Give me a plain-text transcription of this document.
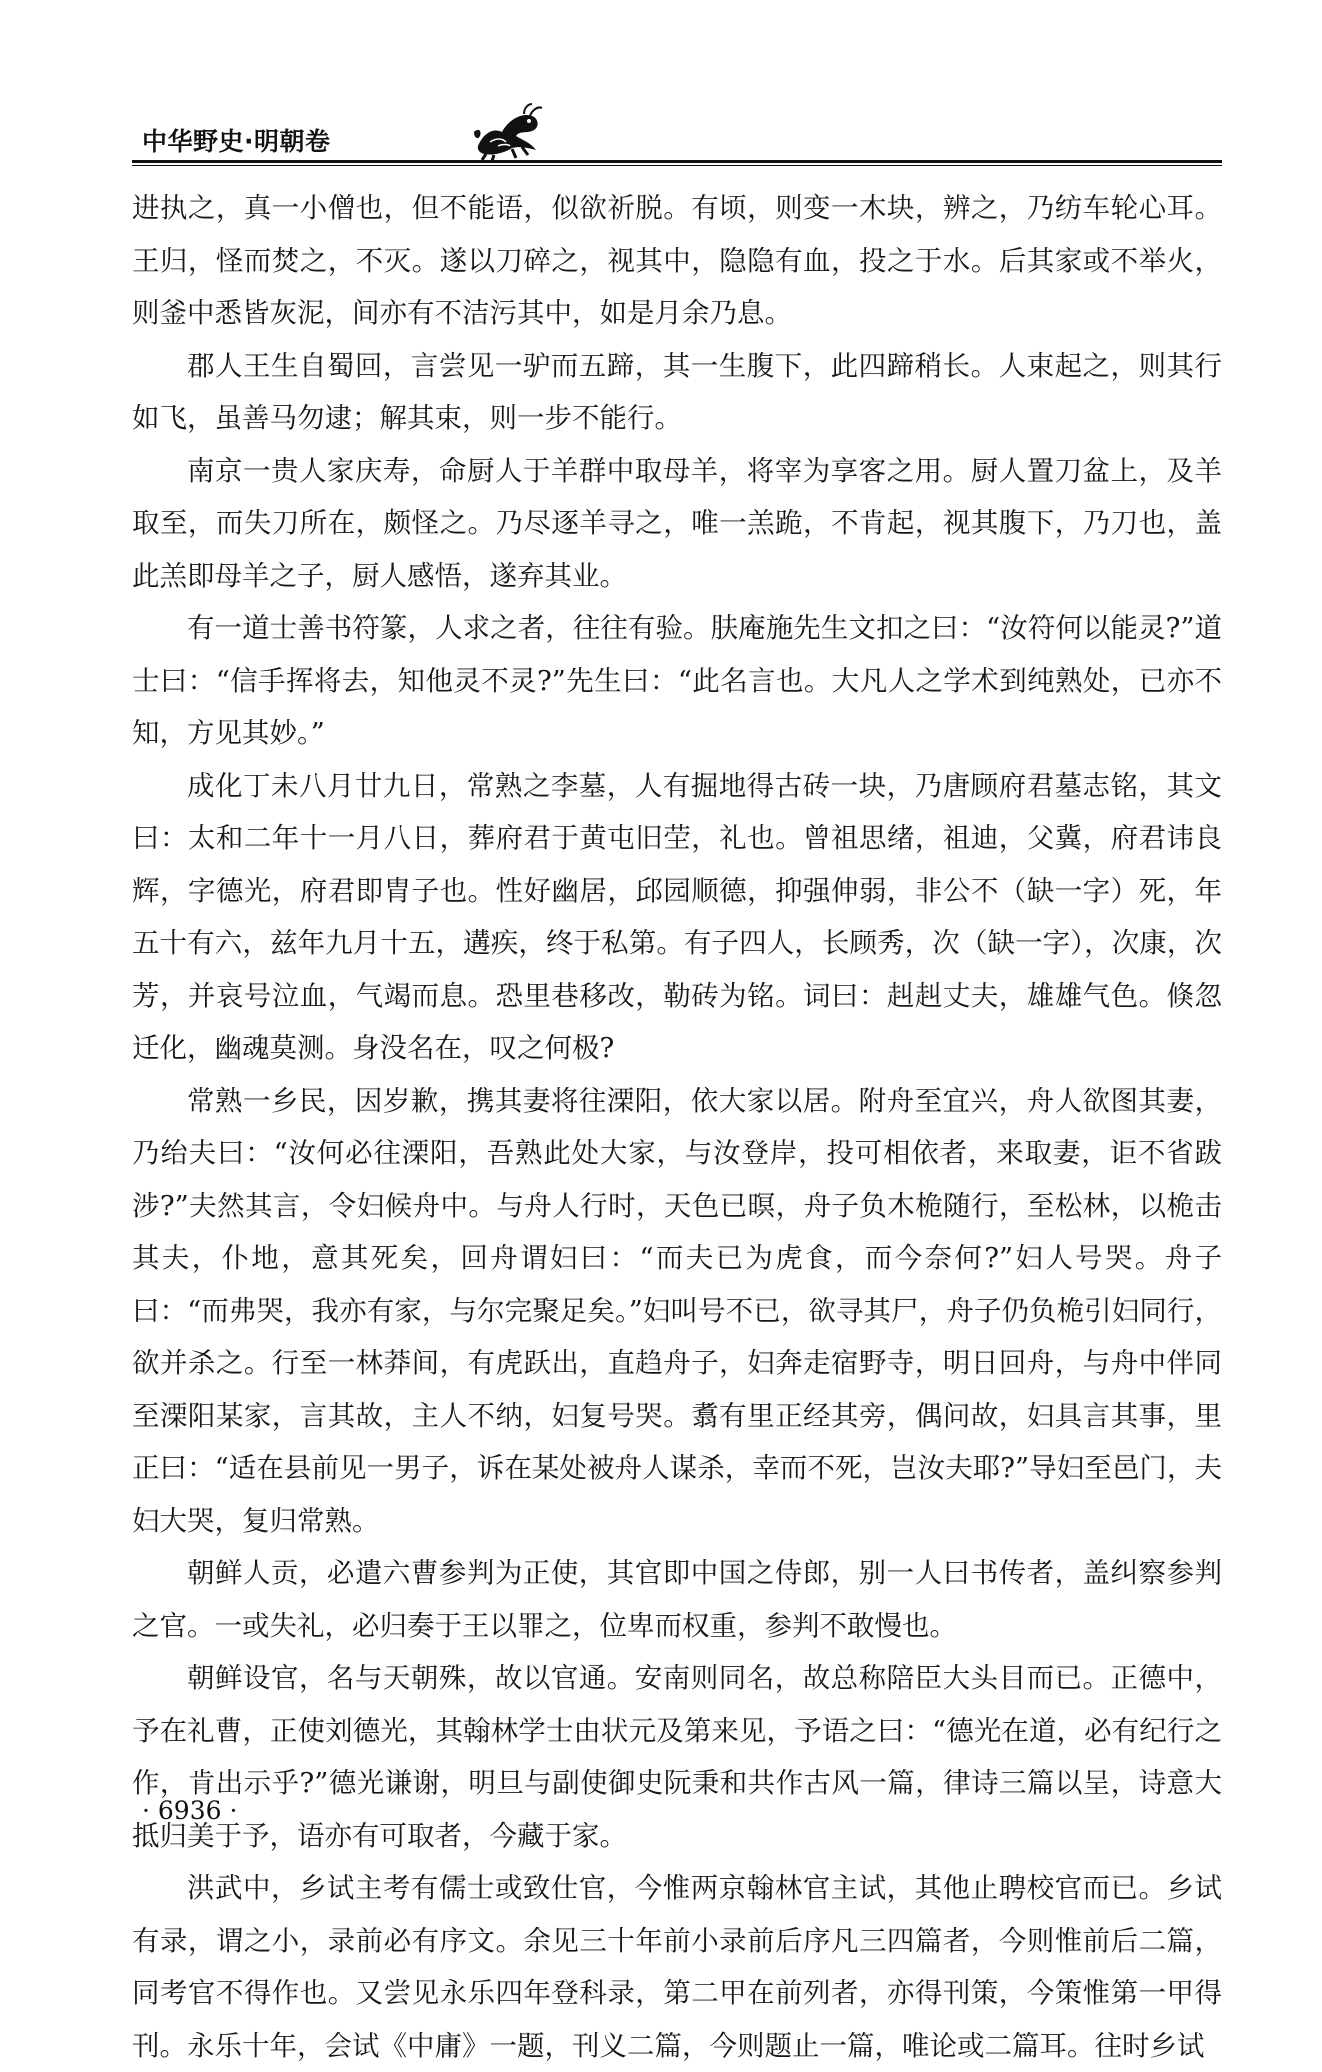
中华野史·明朝卷

进执之，真一小僧也，但不能语，似欲祈脱。有顷，则变一木块，辨之，乃纺车轮心耳。王归，怪而焚之，不灭。遂以刀碎之，视其中，隐隐有血，投之于水。后其家或不举火，则釜中悉皆灰泥，间亦有不洁污其中，如是月余乃息。

郡人王生自蜀回，言尝见一驴而五蹄，其一生腹下，此四蹄稍长。人束起之，则其行如飞，虽善马勿逮；解其束，则一步不能行。

南京一贵人家庆寿，命厨人于羊群中取母羊，将宰为享客之用。厨人置刀盆上，及羊取至，而失刀所在，颇怪之。乃尽逐羊寻之，唯一羔跪，不肯起，视其腹下，乃刀也，盖此羔即母羊之子，厨人感悟，遂弃其业。

有一道士善书符篆，人求之者，往往有验。肤庵施先生文扣之曰：“汝符何以能灵?”道士曰：“信手挥将去，知他灵不灵?”先生曰：“此名言也。大凡人之学术到纯熟处，已亦不知，方见其妙。”

成化丁未八月廿九日，常熟之李墓，人有掘地得古砖一块，乃唐顾府君墓志铭，其文曰：太和二年十一月八日，葬府君于黄屯旧茔，礼也。曾祖思绪，祖迪，父冀，府君讳良辉，字德光，府君即胄子也。性好幽居，邱园顺德，抑强伸弱，非公不（缺一字）死，年五十有六，兹年九月十五，遘疾，终于私第。有子四人，长顾秀，次（缺一字），次康，次芳，并哀号泣血，气竭而息。恐里巷移改，勒砖为铭。词曰：赳赳丈夫，雄雄气色。倏忽迁化，幽魂莫测。身没名在，叹之何极?

常熟一乡民，因岁歉，携其妻将往溧阳，依大家以居。附舟至宜兴，舟人欲图其妻，乃绐夫曰：“汝何必往溧阳，吾熟此处大家，与汝登岸，投可相依者，来取妻，讵不省跋涉?”夫然其言，令妇候舟中。与舟人行时，天色已暝，舟子负木桅随行，至松林，以桅击其夫，仆地，意其死矣，回舟谓妇曰：“而夫已为虎食，而今奈何?”妇人号哭。舟子曰：“而弗哭，我亦有家，与尔完聚足矣。”妇叫号不已，欲寻其尸，舟子仍负桅引妇同行，欲并杀之。行至一林莽间，有虎跃出，直趋舟子，妇奔走宿野寺，明日回舟，与舟中伴同至溧阳某家，言其故，主人不纳，妇复号哭。翥有里正经其旁，偶问故，妇具言其事，里正曰：“适在县前见一男子，诉在某处被舟人谋杀，幸而不死，岂汝夫耶?”导妇至邑门，夫妇大哭，复归常熟。

朝鲜人贡，必遣六曹参判为正使，其官即中国之侍郎，别一人曰书传者，盖纠察参判之官。一或失礼，必归奏于王以罪之，位卑而权重，参判不敢慢也。

朝鲜设官，名与天朝殊，故以官通。安南则同名，故总称陪臣大头目而已。正德中，予在礼曹，正使刘德光，其翰林学士由状元及第来见，予语之曰：“德光在道，必有纪行之作，肯出示乎?”德光谦谢，明旦与副使御史阮秉和共作古风一篇，律诗三篇以呈，诗意大抵归美于予，语亦有可取者，今藏于家。

洪武中，乡试主考有儒士或致仕官，今惟两京翰林官主试，其他止聘校官而已。乡试有录，谓之小，录前必有序文。余见三十年前小录前后序凡三四篇者，今则惟前后二篇，同考官不得作也。又尝见永乐四年登科录，第二甲在前列者，亦得刊策，今策惟第一甲得刊。永乐十年，会试《中庸》一题，刊义二篇，今则题止一篇，唯论或二篇耳。往时乡试

· 6936 ·
